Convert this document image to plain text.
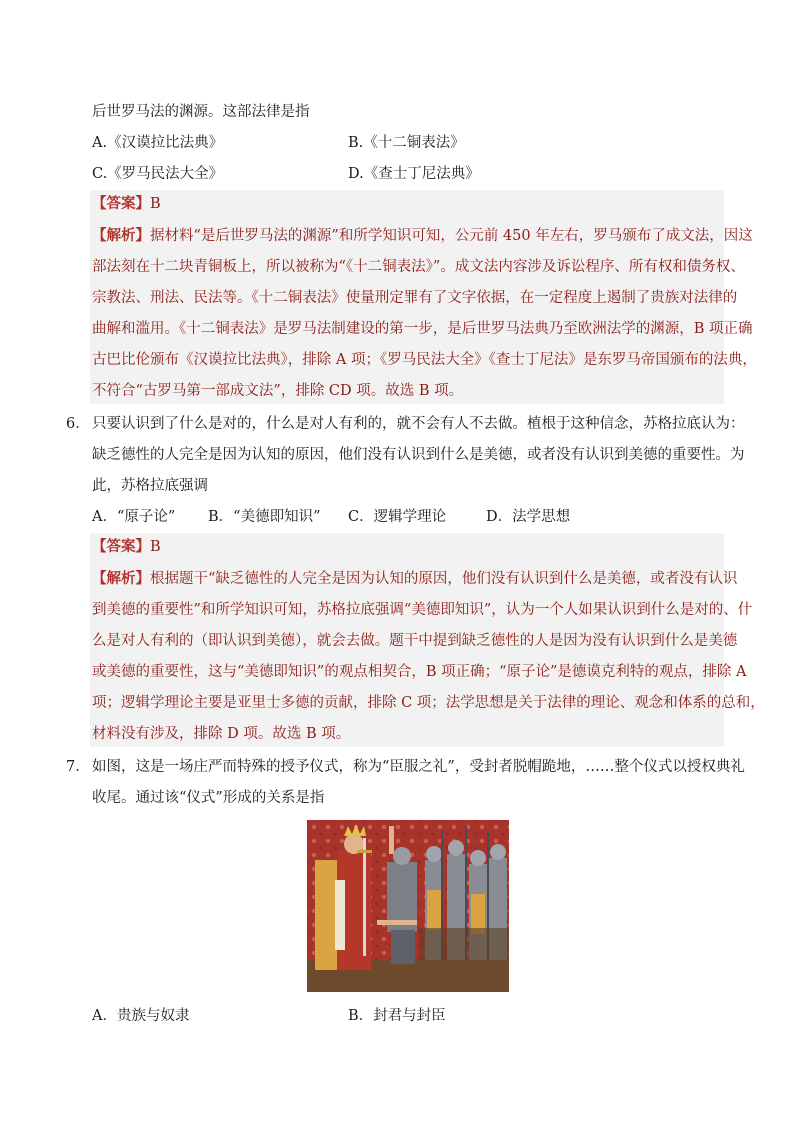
后世罗马法的渊源。这部法律是指
A.《汉谟拉比法典》	B.《十二铜表法》
C.《罗马民法大全》	D.《查士丁尼法典》
【答案】B
【解析】据材料“是后世罗马法的渊源”和所学知识可知，公元前 450 年左右，罗马颁布了成文法，因这
部法刻在十二块青铜板上，所以被称为“《十二铜表法》”。成文法内容涉及诉讼程序、所有权和债务权、
宗教法、刑法、民法等。《十二铜表法》使量刑定罪有了文字依据，在一定程度上遏制了贵族对法律的
曲解和滥用。《十二铜表法》是罗马法制建设的第一步，是后世罗马法典乃至欧洲法学的渊源，B 项正确
古巴比伦颁布《汉谟拉比法典》，排除 A 项；《罗马民法大全》《查士丁尼法》是东罗马帝国颁布的法典，
不符合“古罗马第一部成文法”，排除 CD 项。故选 B 项。
6． 只要认识到了什么是对的，什么是对人有利的，就不会有人不去做。植根于这种信念，苏格拉底认为：
缺乏德性的人完全是因为认知的原因，他们没有认识到什么是美德，或者没有认识到美德的重要性。为
此，苏格拉底强调
A．“原子论” B．“美德即知识” C．逻辑学理论	D．法学思想
【答案】B
【解析】根据题干“缺乏德性的人完全是因为认知的原因，他们没有认识到什么是美德，或者没有认识
到美德的重要性”和所学知识可知，苏格拉底强调“美德即知识”，认为一个人如果认识到什么是对的、什
么是对人有利的（即认识到美德），就会去做。题干中提到缺乏德性的人是因为没有认识到什么是美德
或美德的重要性，这与“美德即知识”的观点相契合，B 项正确；“原子论”是德谟克利特的观点，排除 A
项；逻辑学理论主要是亚里士多德的贡献，排除 C 项；法学思想是关于法律的理论、观念和体系的总和，
材料没有涉及，排除 D 项。故选 B 项。
7． 如图，这是一场庄严而特殊的授予仪式，称为“臣服之礼”，受封者脱帽跪地，……整个仪式以授权典礼
收尾。通过该“仪式”形成的关系是指
A．贵族与奴隶	B．封君与封臣
